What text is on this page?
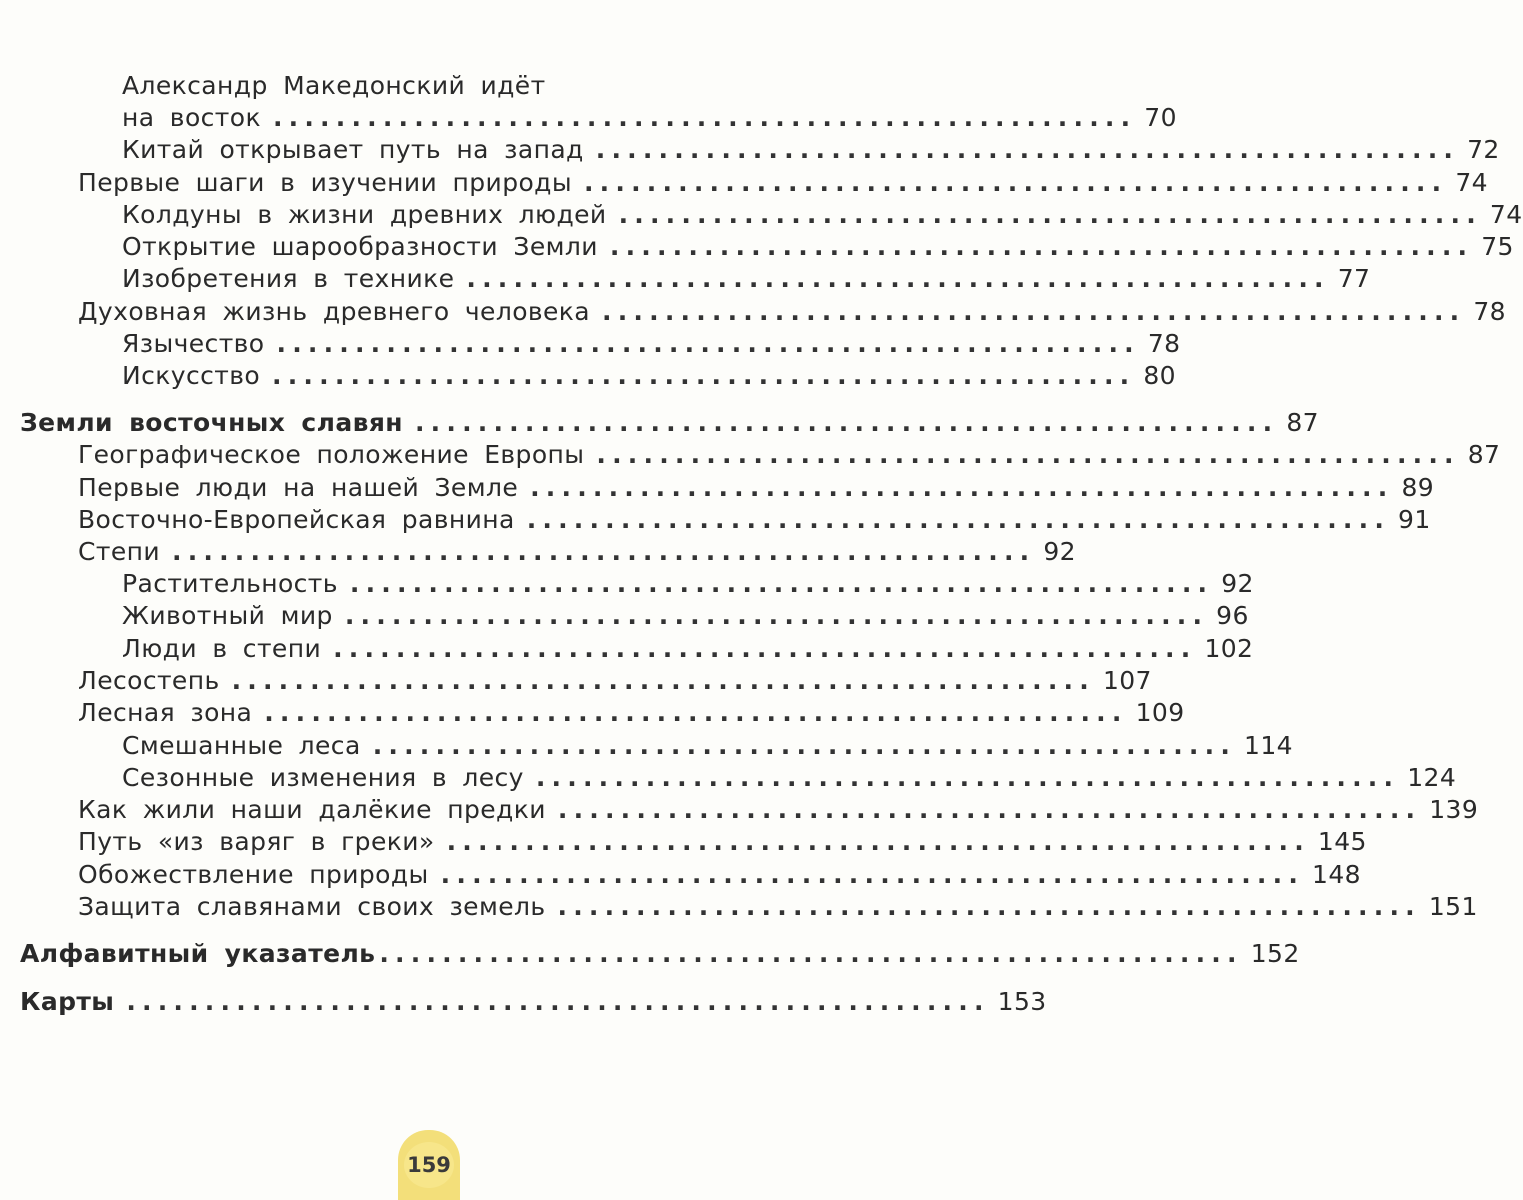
Александр Македонский идёт
на восток ....................................................... 70
Китай открывает путь на запад ....................................................... 72
Первые шаги в изучении природы ....................................................... 74
Колдуны в жизни древних людей ....................................................... 74
Открытие шарообразности Земли ....................................................... 75
Изобретения в технике ....................................................... 77
Духовная жизнь древнего человека ....................................................... 78
Язычество ....................................................... 78
Искусство ....................................................... 80
Земли восточных славян ....................................................... 87
Географическое положение Европы ....................................................... 87
Первые люди на нашей Земле ....................................................... 89
Восточно-Европейская равнина ....................................................... 91
Степи ....................................................... 92
Растительность ....................................................... 92
Животный мир ....................................................... 96
Люди в степи ....................................................... 102
Лесостепь ....................................................... 107
Лесная зона ....................................................... 109
Смешанные леса ....................................................... 114
Сезонные изменения в лесу ....................................................... 124
Как жили наши далёкие предки ....................................................... 139
Путь «из варяг в греки» ....................................................... 145
Обожествление природы ....................................................... 148
Защита славянами своих земель ....................................................... 151
Алфавитный указатель ....................................................... 152
Карты ....................................................... 153
159
